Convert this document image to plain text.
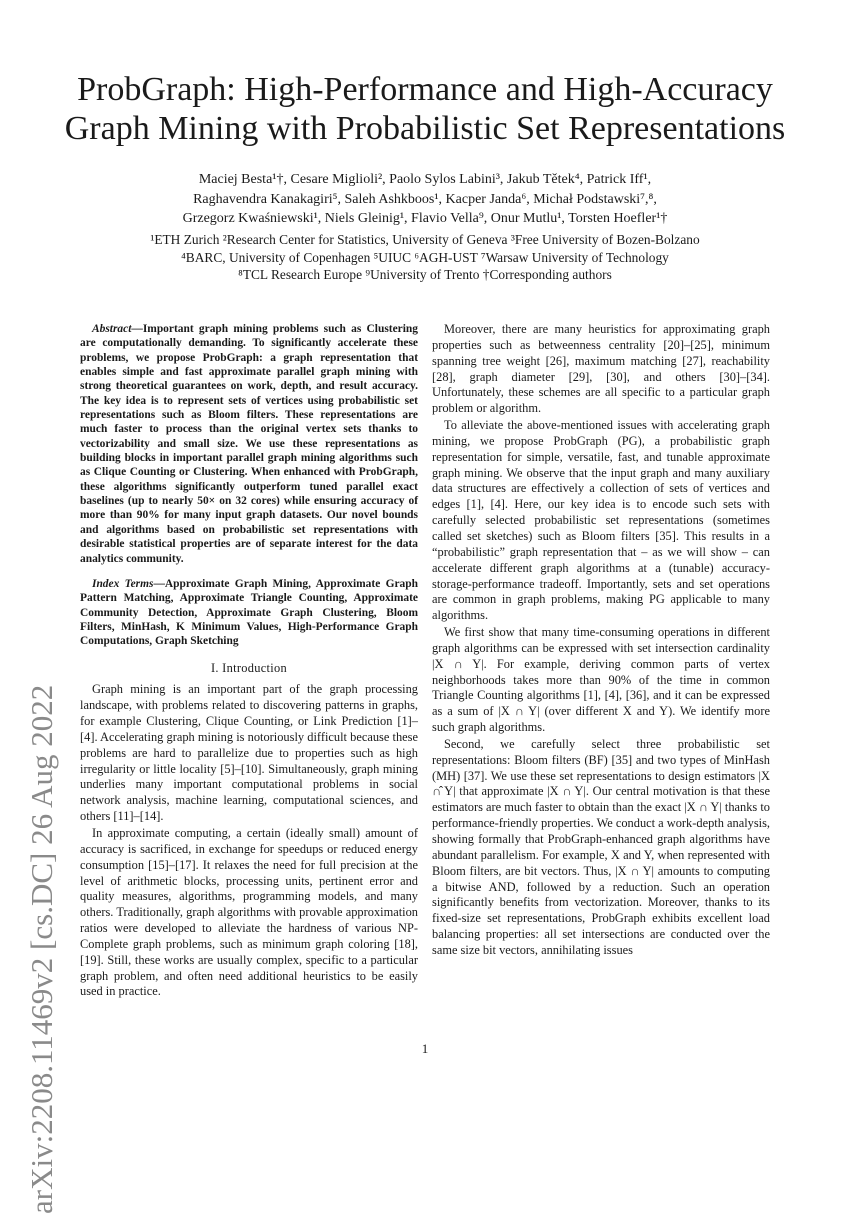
arXiv:2208.11469v2 [cs.DC] 26 Aug 2022
ProbGraph: High-Performance and High-Accuracy Graph Mining with Probabilistic Set Representations
Maciej Besta¹†, Cesare Miglioli², Paolo Sylos Labini³, Jakub Tětek⁴, Patrick Iff¹,
Raghavendra Kanakagiri⁵, Saleh Ashkboos¹, Kacper Janda⁶, Michał Podstawski⁷,⁸,
Grzegorz Kwaśniewski¹, Niels Gleinig¹, Flavio Vella⁹, Onur Mutlu¹, Torsten Hoefler¹†
¹ETH Zurich ²Research Center for Statistics, University of Geneva ³Free University of Bozen-Bolzano
⁴BARC, University of Copenhagen ⁵UIUC ⁶AGH-UST ⁷Warsaw University of Technology
⁸TCL Research Europe ⁹University of Trento †Corresponding authors

Abstract—Important graph mining problems such as Clustering are computationally demanding. To significantly accelerate these problems, we propose ProbGraph: a graph representation that enables simple and fast approximate parallel graph mining with strong theoretical guarantees on work, depth, and result accuracy. The key idea is to represent sets of vertices using probabilistic set representations such as Bloom filters. These representations are much faster to process than the original vertex sets thanks to vectorizability and small size. We use these representations as building blocks in important parallel graph mining algorithms such as Clique Counting or Clustering. When enhanced with ProbGraph, these algorithms significantly outperform tuned parallel exact baselines (up to nearly 50× on 32 cores) while ensuring accuracy of more than 90% for many input graph datasets. Our novel bounds and algorithms based on probabilistic set representations with desirable statistical properties are of separate interest for the data analytics community.

Index Terms—Approximate Graph Mining, Approximate Graph Pattern Matching, Approximate Triangle Counting, Approximate Community Detection, Approximate Graph Clustering, Bloom Filters, MinHash, K Minimum Values, High-Performance Graph Computations, Graph Sketching

I. Introduction

Graph mining is an important part of the graph processing landscape, with problems related to discovering patterns in graphs, for example Clustering, Clique Counting, or Link Prediction [1]–[4]. Accelerating graph mining is notoriously difficult because these problems are hard to parallelize due to properties such as high irregularity or little locality [5]–[10]. Simultaneously, graph mining underlies many important computational problems in social network analysis, machine learning, computational sciences, and others [11]–[14].

In approximate computing, a certain (ideally small) amount of accuracy is sacrificed, in exchange for speedups or reduced energy consumption [15]–[17]. It relaxes the need for full precision at the level of arithmetic blocks, processing units, pertinent error and quality measures, algorithms, programming models, and many others. Traditionally, graph algorithms with provable approximation ratios were developed to alleviate the hardness of various NP-Complete graph problems, such as minimum graph coloring [18], [19]. Still, these works are usually complex, specific to a particular graph problem, and often need additional heuristics to be easily used in practice.

Moreover, there are many heuristics for approximating graph properties such as betweenness centrality [20]–[25], minimum spanning tree weight [26], maximum matching [27], reachability [28], graph diameter [29], [30], and others [30]–[34]. Unfortunately, these schemes are all specific to a particular graph problem or algorithm.

To alleviate the above-mentioned issues with accelerating graph mining, we propose ProbGraph (PG), a probabilistic graph representation for simple, versatile, fast, and tunable approximate graph mining. We observe that the input graph and many auxiliary data structures are effectively a collection of sets of vertices and edges [1], [4]. Here, our key idea is to encode such sets with carefully selected probabilistic set representations (sometimes called set sketches) such as Bloom filters [35]. This results in a “probabilistic” graph representation that – as we will show – can accelerate different graph algorithms at a (tunable) accuracy-storage-performance tradeoff. Importantly, sets and set operations are common in graph problems, making PG applicable to many algorithms.

We first show that many time-consuming operations in different graph algorithms can be expressed with set intersection cardinality |X ∩ Y|. For example, deriving common parts of vertex neighborhoods takes more than 90% of the time in common Triangle Counting algorithms [1], [4], [36], and it can be expressed as a sum of |X ∩ Y| (over different X and Y). We identify more such graph algorithms.

Second, we carefully select three probabilistic set representations: Bloom filters (BF) [35] and two types of MinHash (MH) [37]. We use these set representations to design estimators |X ∩̂ Y| that approximate |X ∩ Y|. Our central motivation is that these estimators are much faster to obtain than the exact |X ∩ Y| thanks to performance-friendly properties. We conduct a work-depth analysis, showing formally that ProbGraph-enhanced graph algorithms have abundant parallelism. For example, X and Y, when represented with Bloom filters, are bit vectors. Thus, |X ∩ Y| amounts to computing a bitwise AND, followed by a reduction. Such an operation significantly benefits from vectorization. Moreover, thanks to its fixed-size set representations, ProbGraph exhibits excellent load balancing properties: all set intersections are conducted over the same size bit vectors, annihilating issues

1
